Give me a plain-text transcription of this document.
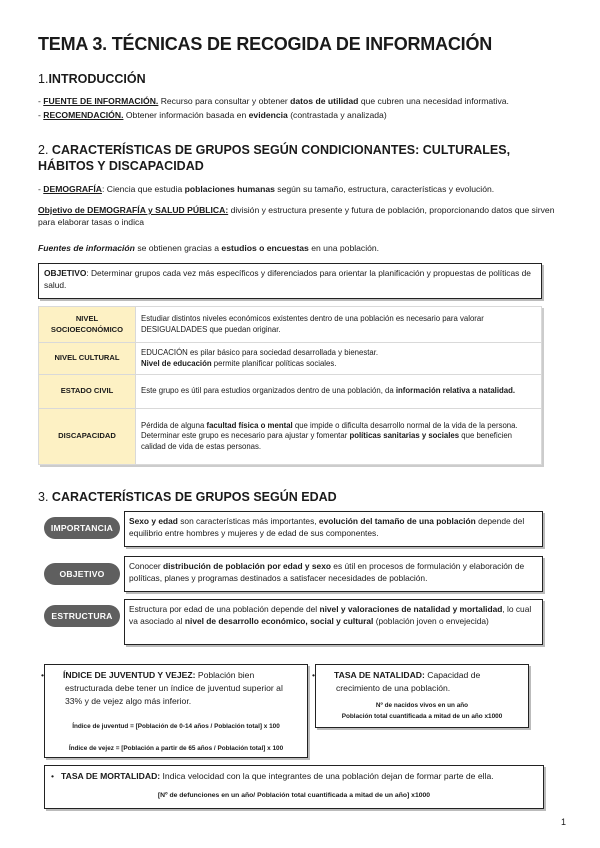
TEMA 3. TÉCNICAS DE RECOGIDA DE INFORMACIÓN
1.INTRODUCCIÓN
- FUENTE DE INFORMACIÓN. Recurso para consultar y obtener datos de utilidad que cubren una necesidad informativa.
- RECOMENDACIÓN. Obtener información basada en evidencia (contrastada y analizada)
2. CARACTERÍSTICAS DE GRUPOS SEGÚN CONDICIONANTES: CULTURALES, HÁBITOS Y DISCAPACIDAD
- DEMOGRAFÍA: Ciencia que estudia poblaciones humanas según su tamaño, estructura, características y evolución.
Objetivo de DEMOGRAFÍA y SALUD PÚBLICA: división y estructura presente y futura de población, proporcionando datos que sirven para elaborar tasas o indica
Fuentes de información se obtienen gracias a estudios o encuestas en una población.
OBJETIVO: Determinar grupos cada vez más específicos y diferenciados para orientar la planificación y propuestas de políticas de salud.
NIVEL SOCIOECONÓMICO	Estudiar distintos niveles económicos existentes dentro de una población es necesario para valorar DESIGUALDADES que puedan originar.
NIVEL CULTURAL	EDUCACIÓN es pilar básico para sociedad desarrollada y bienestar.
Nivel de educación permite planificar políticas sociales.
ESTADO CIVIL	Este grupo es útil para estudios organizados dentro de una población, da información relativa a natalidad.
DISCAPACIDAD	Pérdida de alguna facultad física o mental que impide o dificulta desarrollo normal de la vida de la persona.
Determinar este grupo es necesario para ajustar y fomentar políticas sanitarias y sociales que beneficien calidad de vida de estas personas.
3. CARACTERÍSTICAS DE GRUPOS SEGÚN EDAD
IMPORTANCIA
Sexo y edad son características más importantes, evolución del tamaño de una población depende del equilibrio entre hombres y mujeres y de edad de sus componentes.
OBJETIVO
Conocer distribución de población por edad y sexo es útil en procesos de formulación y elaboración de políticas, planes y programas destinados a satisfacer necesidades de población.
ESTRUCTURA
Estructura por edad de una población depende del nivel y valoraciones de natalidad y mortalidad, lo cual va asociado al nivel de desarrollo económico, social y cultural (población joven o envejecida)
• ÍNDICE DE JUVENTUD Y VEJEZ: Población bien estructurada debe tener un índice de juventud superior al 33% y de vejez algo más inferior.
Índice de juventud = [Población de 0-14 años / Población total] x 100
Índice de vejez = [Población a partir de 65 años / Población total] x 100
• TASA DE NATALIDAD: Capacidad de crecimiento de una población.
Nº de nacidos vivos en un año
Población total cuantificada a mitad de un año x1000
• TASA DE MORTALIDAD: Indica velocidad con la que integrantes de una población dejan de formar parte de ella.
[Nº de defunciones en un año/ Población total cuantificada a mitad de un año] x1000
1
